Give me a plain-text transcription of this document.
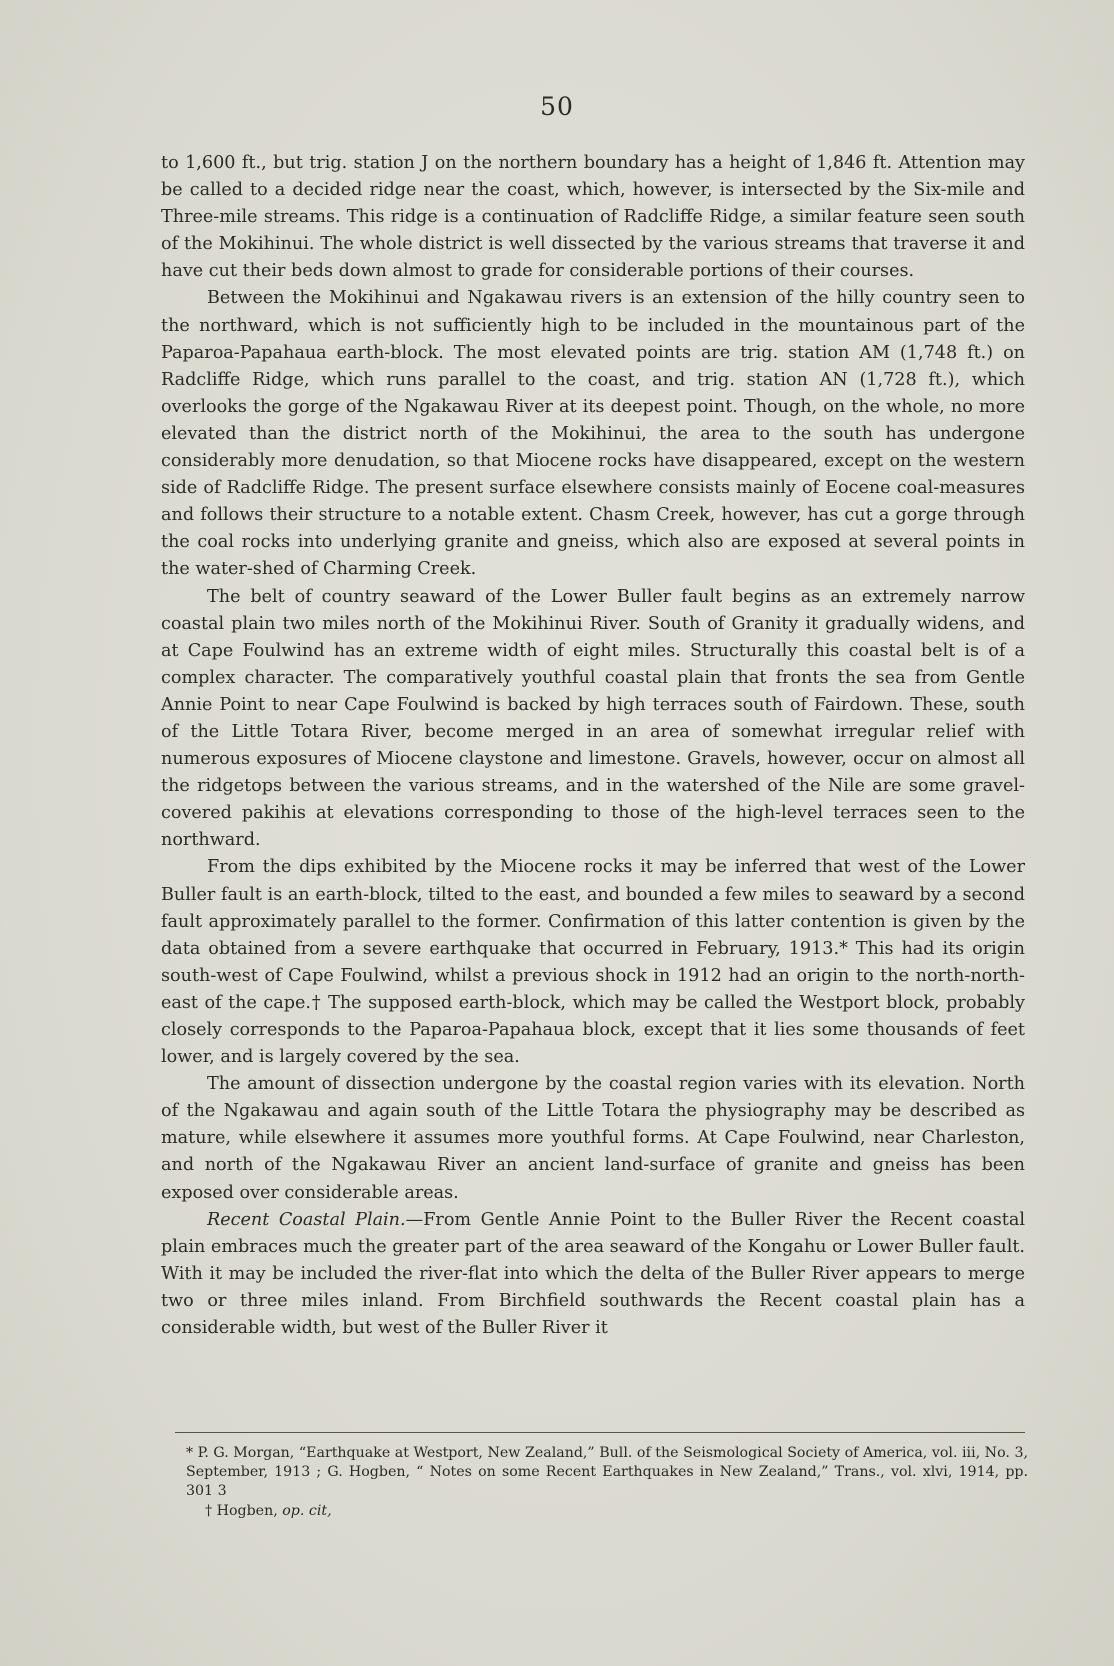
50

to 1,600 ft., but trig. station J on the northern boundary has a height of 1,846 ft. Attention may be called to a decided ridge near the coast, which, however, is intersected by the Six-mile and Three-mile streams. This ridge is a continuation of Radcliffe Ridge, a similar feature seen south of the Mokihinui. The whole district is well dissected by the various streams that traverse it and have cut their beds down almost to grade for considerable portions of their courses.

Between the Mokihinui and Ngakawau rivers is an extension of the hilly country seen to the northward, which is not sufficiently high to be included in the mountainous part of the Paparoa-Papahaua earth-block. The most elevated points are trig. station AM (1,748 ft.) on Radcliffe Ridge, which runs parallel to the coast, and trig. station AN (1,728 ft.), which overlooks the gorge of the Ngakawau River at its deepest point. Though, on the whole, no more elevated than the district north of the Mokihinui, the area to the south has undergone considerably more denudation, so that Miocene rocks have disappeared, except on the western side of Radcliffe Ridge. The present surface elsewhere consists mainly of Eocene coal-measures and follows their structure to a notable extent. Chasm Creek, however, has cut a gorge through the coal rocks into underlying granite and gneiss, which also are exposed at several points in the water-shed of Charming Creek.

The belt of country seaward of the Lower Buller fault begins as an extremely narrow coastal plain two miles north of the Mokihinui River. South of Granity it gradually widens, and at Cape Foulwind has an extreme width of eight miles. Structurally this coastal belt is of a complex character. The comparatively youthful coastal plain that fronts the sea from Gentle Annie Point to near Cape Foulwind is backed by high terraces south of Fairdown. These, south of the Little Totara River, become merged in an area of somewhat irregular relief with numerous exposures of Miocene claystone and limestone. Gravels, however, occur on almost all the ridgetops between the various streams, and in the watershed of the Nile are some gravel-covered pakihis at elevations corresponding to those of the high-level terraces seen to the northward.

From the dips exhibited by the Miocene rocks it may be inferred that west of the Lower Buller fault is an earth-block, tilted to the east, and bounded a few miles to seaward by a second fault approximately parallel to the former. Confirmation of this latter contention is given by the data obtained from a severe earthquake that occurred in February, 1913.* This had its origin south-west of Cape Foulwind, whilst a previous shock in 1912 had an origin to the north-north-east of the cape.† The supposed earth-block, which may be called the Westport block, probably closely corresponds to the Paparoa-Papahaua block, except that it lies some thousands of feet lower, and is largely covered by the sea.

The amount of dissection undergone by the coastal region varies with its elevation. North of the Ngakawau and again south of the Little Totara the physiography may be described as mature, while elsewhere it assumes more youthful forms. At Cape Foulwind, near Charleston, and north of the Ngakawau River an ancient land-surface of granite and gneiss has been exposed over considerable areas.

Recent Coastal Plain.—From Gentle Annie Point to the Buller River the Recent coastal plain embraces much the greater part of the area seaward of the Kongahu or Lower Buller fault. With it may be included the river-flat into which the delta of the Buller River appears to merge two or three miles inland. From Birchfield southwards the Recent coastal plain has a considerable width, but west of the Buller River it

* P. G. Morgan, “Earthquake at Westport, New Zealand,” Bull. of the Seismological Society of America, vol. iii, No. 3, September, 1913 ; G. Hogben, “ Notes on some Recent Earthquakes in New Zealand,” Trans., vol. xlvi, 1914, pp. 301 3

† Hogben, op. cit,
